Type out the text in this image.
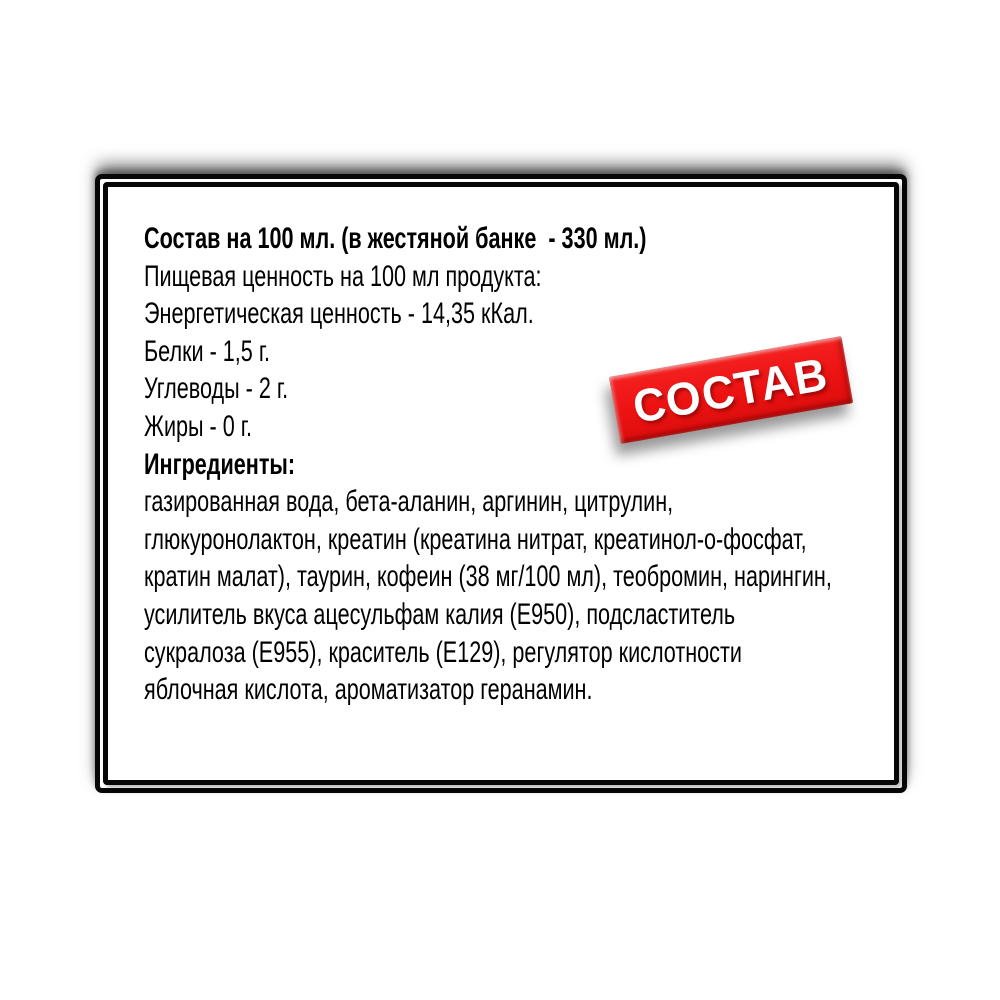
Состав на 100 мл. (в жестяной банке  - 330 мл.)
Пищевая ценность на 100 мл продукта:
Энергетическая ценность - 14,35 кКал.
Белки - 1,5 г.
Углеводы - 2 г.
Жиры - 0 г.
Ингредиенты:
газированная вода, бета-аланин, аргинин, цитрулин,
глюкуронолактон, креатин (креатина нитрат, креатинол-о-фосфат,
кратин малат), таурин, кофеин (38 мг/100 мл), теобромин, нарингин,
усилитель вкуса ацесульфам калия (Е950), подсластитель
сукралоза (Е955), краситель (Е129), регулятор кислотности
яблочная кислота, ароматизатор геранамин.
СОСТАВ
